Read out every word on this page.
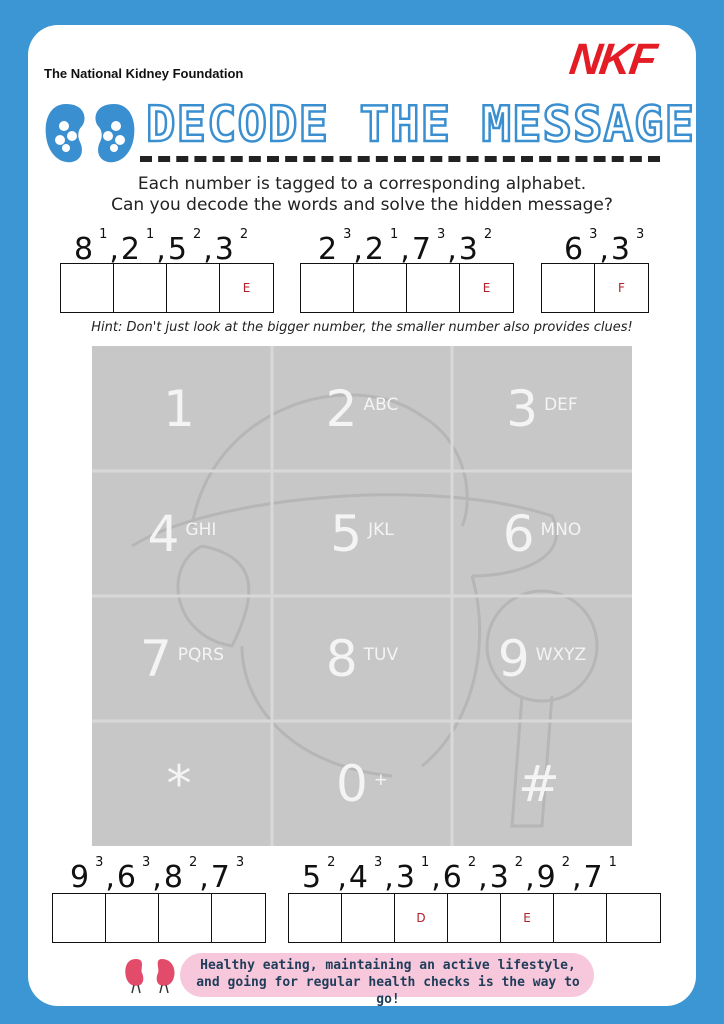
The National Kidney Foundation	NKF
DECODE THE MESSAGE
Each number is tagged to a corresponding alphabet.
Can you decode the words and solve the hidden message?
8 $^1$,2 $^1$,5 $^2$,3 $^2$
E
2 $^3$,2 $^1$,7 $^3$,3 $^2$
E
6 $^3$,3 $^3$
F
Hint: Don't just look at the bigger number, the smaller number also provides clues!
1	2 ABC 3 DEF
4 GHI 5 JKL 6 MNO
7 PQRS 8 TUV 9 WXYZ
*	0 +	#
9 $^3$,6 $^3$,8 $^2$,7 $^3$ 5 $^2$,4 $^3$,3 $^1$,6 $^2$,3 $^2$,9 $^2$,7 $^1$
D	E
Healthy eating, maintaining an active lifestyle,
and going for regular health checks is the way to go!
